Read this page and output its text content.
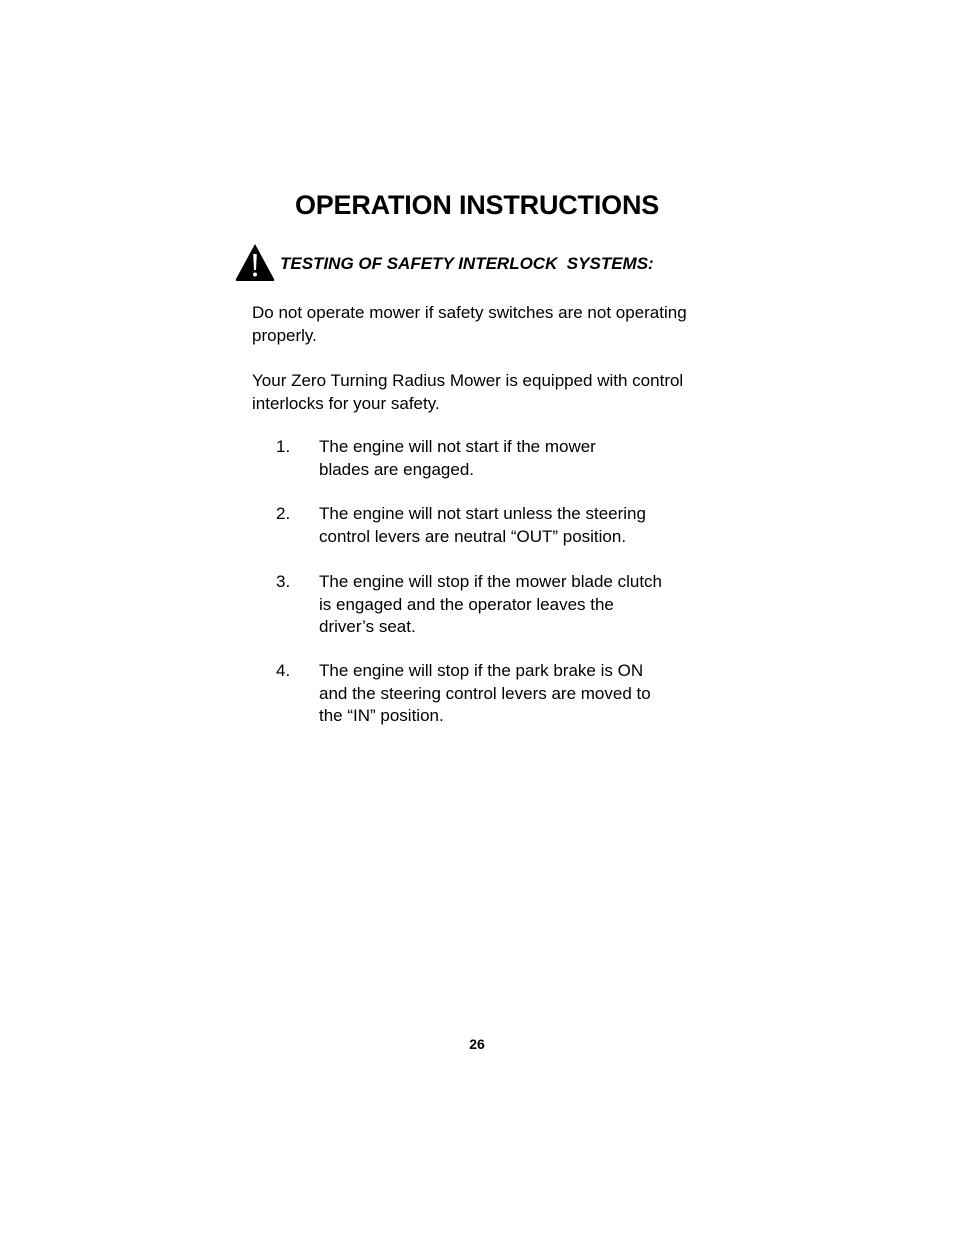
OPERATION INSTRUCTIONS
TESTING OF SAFETY INTERLOCK  SYSTEMS:

Do not operate mower if safety switches are not operating properly.

Your Zero Turning Radius Mower is equipped with control interlocks for your safety.

1.	The engine will not start if the mower blades are engaged.
2.	The engine will not start unless the steering control levers are neutral “OUT” position.
3.	The engine will stop if the mower blade clutch is engaged and the operator leaves the driver’s seat.
4.	The engine will stop if the park brake is ON and the steering control levers are moved to the “IN” position.
26
